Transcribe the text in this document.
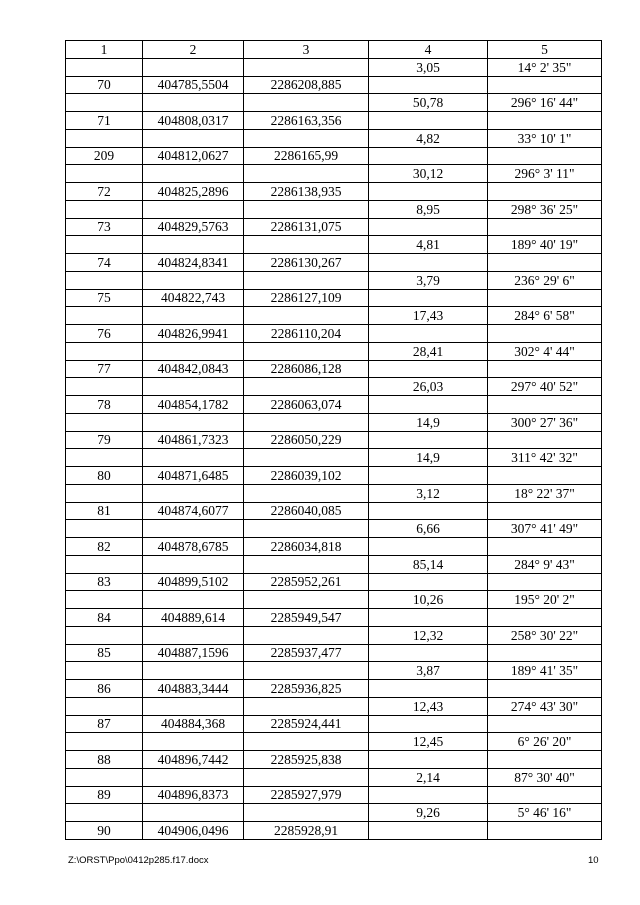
1	2	3	4	5
			3,05	14° 2' 35"
70	404785,5504	2286208,885		
			50,78	296° 16' 44"
71	404808,0317	2286163,356		
			4,82	33° 10' 1"
209	404812,0627	2286165,99		
			30,12	296° 3' 11"
72	404825,2896	2286138,935		
			8,95	298° 36' 25"
73	404829,5763	2286131,075		
			4,81	189° 40' 19"
74	404824,8341	2286130,267		
			3,79	236° 29' 6"
75	404822,743	2286127,109		
			17,43	284° 6' 58"
76	404826,9941	2286110,204		
			28,41	302° 4' 44"
77	404842,0843	2286086,128		
			26,03	297° 40' 52"
78	404854,1782	2286063,074		
			14,9	300° 27' 36"
79	404861,7323	2286050,229		
			14,9	311° 42' 32"
80	404871,6485	2286039,102		
			3,12	18° 22' 37"
81	404874,6077	2286040,085		
			6,66	307° 41' 49"
82	404878,6785	2286034,818		
			85,14	284° 9' 43"
83	404899,5102	2285952,261		
			10,26	195° 20' 2"
84	404889,614	2285949,547		
			12,32	258° 30' 22"
85	404887,1596	2285937,477		
			3,87	189° 41' 35"
86	404883,3444	2285936,825		
			12,43	274° 43' 30"
87	404884,368	2285924,441		
			12,45	6° 26' 20"
88	404896,7442	2285925,838		
			2,14	87° 30' 40"
89	404896,8373	2285927,979		
			9,26	5° 46' 16"
90	404906,0496	2285928,91		
Z:\ORST\Ppo\0412p285.f17.docx	10
